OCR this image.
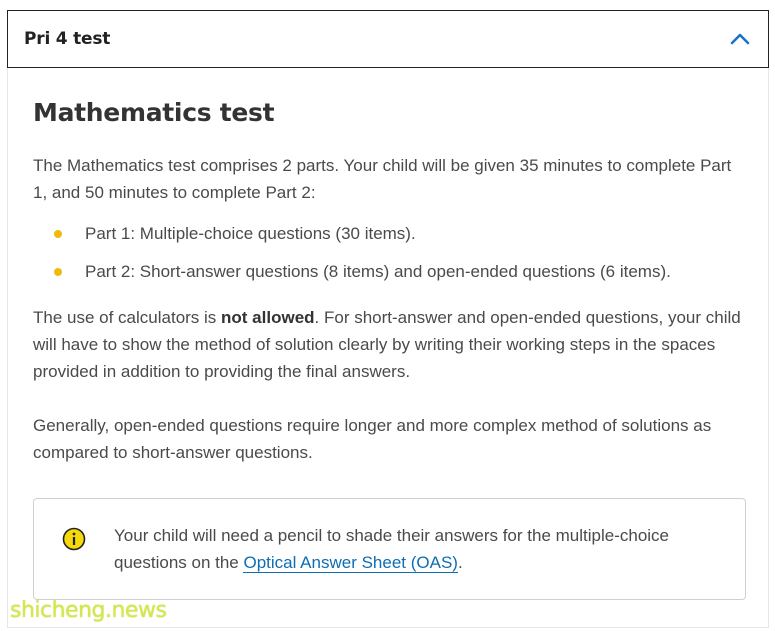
Pri 4 test
Mathematics test

The Mathematics test comprises 2 parts. Your child will be given 35 minutes to complete Part 1, and 50 minutes to complete Part 2:

Part 1: Multiple-choice questions (30 items).
Part 2: Short-answer questions (8 items) and open-ended questions (6 items).

The use of calculators is not allowed. For short-answer and open-ended questions, your child will have to show the method of solution clearly by writing their working steps in the spaces provided in addition to providing the final answers.

Generally, open-ended questions require longer and more complex method of solutions as compared to short-answer questions.

Your child will need a pencil to shade their answers for the multiple-choice questions on the Optical Answer Sheet (OAS).

shicheng.news
